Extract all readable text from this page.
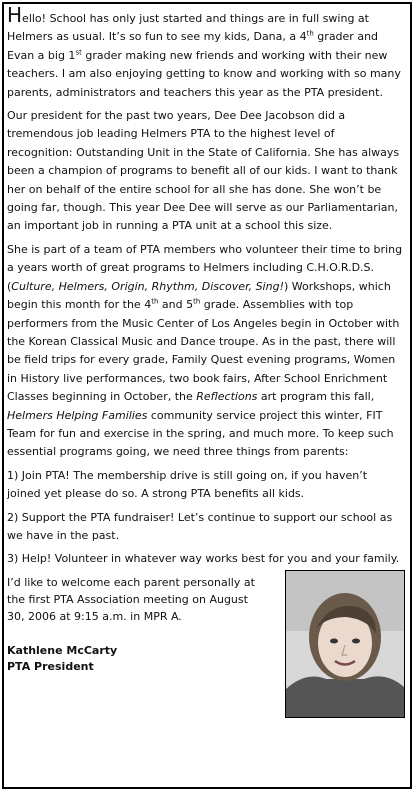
Hello! School has only just started and things are in full swing at Helmers as usual. It’s so fun to see my kids, Dana, a 4th grader and Evan a big 1st grader making new friends and working with their new teachers. I am also enjoying getting to know and working with so many parents, administrators and teachers this year as the PTA president.

Our president for the past two years, Dee Dee Jacobson did a tremendous job leading Helmers PTA to the highest level of recognition: Outstanding Unit in the State of California. She has always been a champion of programs to benefit all of our kids. I want to thank her on behalf of the entire school for all she has done. She won’t be going far, though. This year Dee Dee will serve as our Parliamentarian, an important job in running a PTA unit at a school this size.

She is part of a team of PTA members who volunteer their time to bring a years worth of great programs to Helmers including C.H.O.R.D.S. (Culture, Helmers, Origin, Rhythm, Discover, Sing!) Workshops, which begin this month for the 4th and 5th grade. Assemblies with top performers from the Music Center of Los Angeles begin in October with the Korean Classical Music and Dance troupe. As in the past, there will be field trips for every grade, Family Quest evening programs, Women in History live performances, two book fairs, After School Enrichment Classes beginning in October, the Reflections art program this fall, Helmers Helping Families community service project this winter, FIT Team for fun and exercise in the spring, and much more. To keep such essential programs going, we need three things from parents:

1) Join PTA! The membership drive is still going on, if you haven’t joined yet please do so. A strong PTA benefits all kids.

2) Support the PTA fundraiser! Let’s continue to support our school as we have in the past.

3) Help! Volunteer in whatever way works best for you and your family.

I’d like to welcome each parent personally at the first PTA Association meeting on August 30, 2006 at 9:15 a.m. in MPR A.
Kathlene McCarty
PTA President
